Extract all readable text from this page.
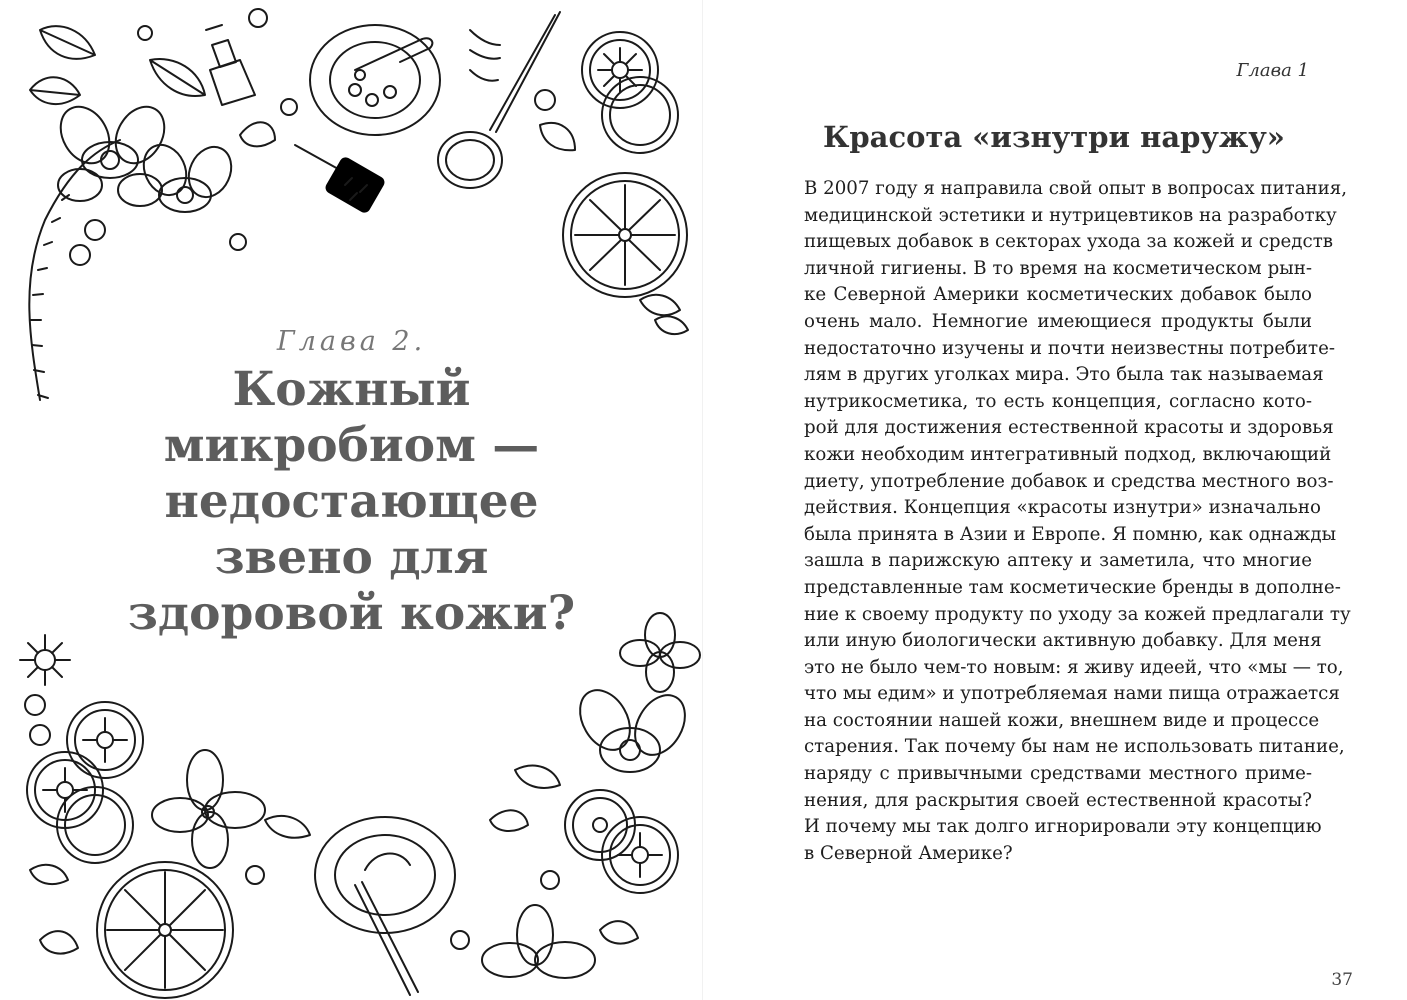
Глава 2.
Кожный
микробиом —
недостающее
звено для
здоровой кожи?
Глава 1
Красота «изнутри наружу»
В 2007 году я направила свой опыт в вопросах питания,
медицинской эстетики и нутрицевтиков на разработку
пищевых добавок в секторах ухода за кожей и средств
личной гигиены. В то время на косметическом рын-
ке Северной Америки косметических добавок было
очень мало. Немногие имеющиеся продукты были
недостаточно изучены и почти неизвестны потребите-
лям в других уголках мира. Это была так называемая
нутрикосметика, то есть концепция, согласно кото-
рой для достижения естественной красоты и здоровья
кожи необходим интегративный подход, включающий
диету, употребление добавок и средства местного воз-
действия. Концепция «красоты изнутри» изначально
была принята в Азии и Европе. Я помню, как однажды
зашла в парижскую аптеку и заметила, что многие
представленные там косметические бренды в дополне-
ние к своему продукту по уходу за кожей предлагали ту
или иную биологически активную добавку. Для меня
это не было чем-то новым: я живу идеей, что «мы — то,
что мы едим» и употребляемая нами пища отражается
на состоянии нашей кожи, внешнем виде и процессе
старения. Так почему бы нам не использовать питание,
наряду с привычными средствами местного приме-
нения, для раскрытия своей естественной красоты?
И почему мы так долго игнорировали эту концепцию
в Северной Америке?
37
